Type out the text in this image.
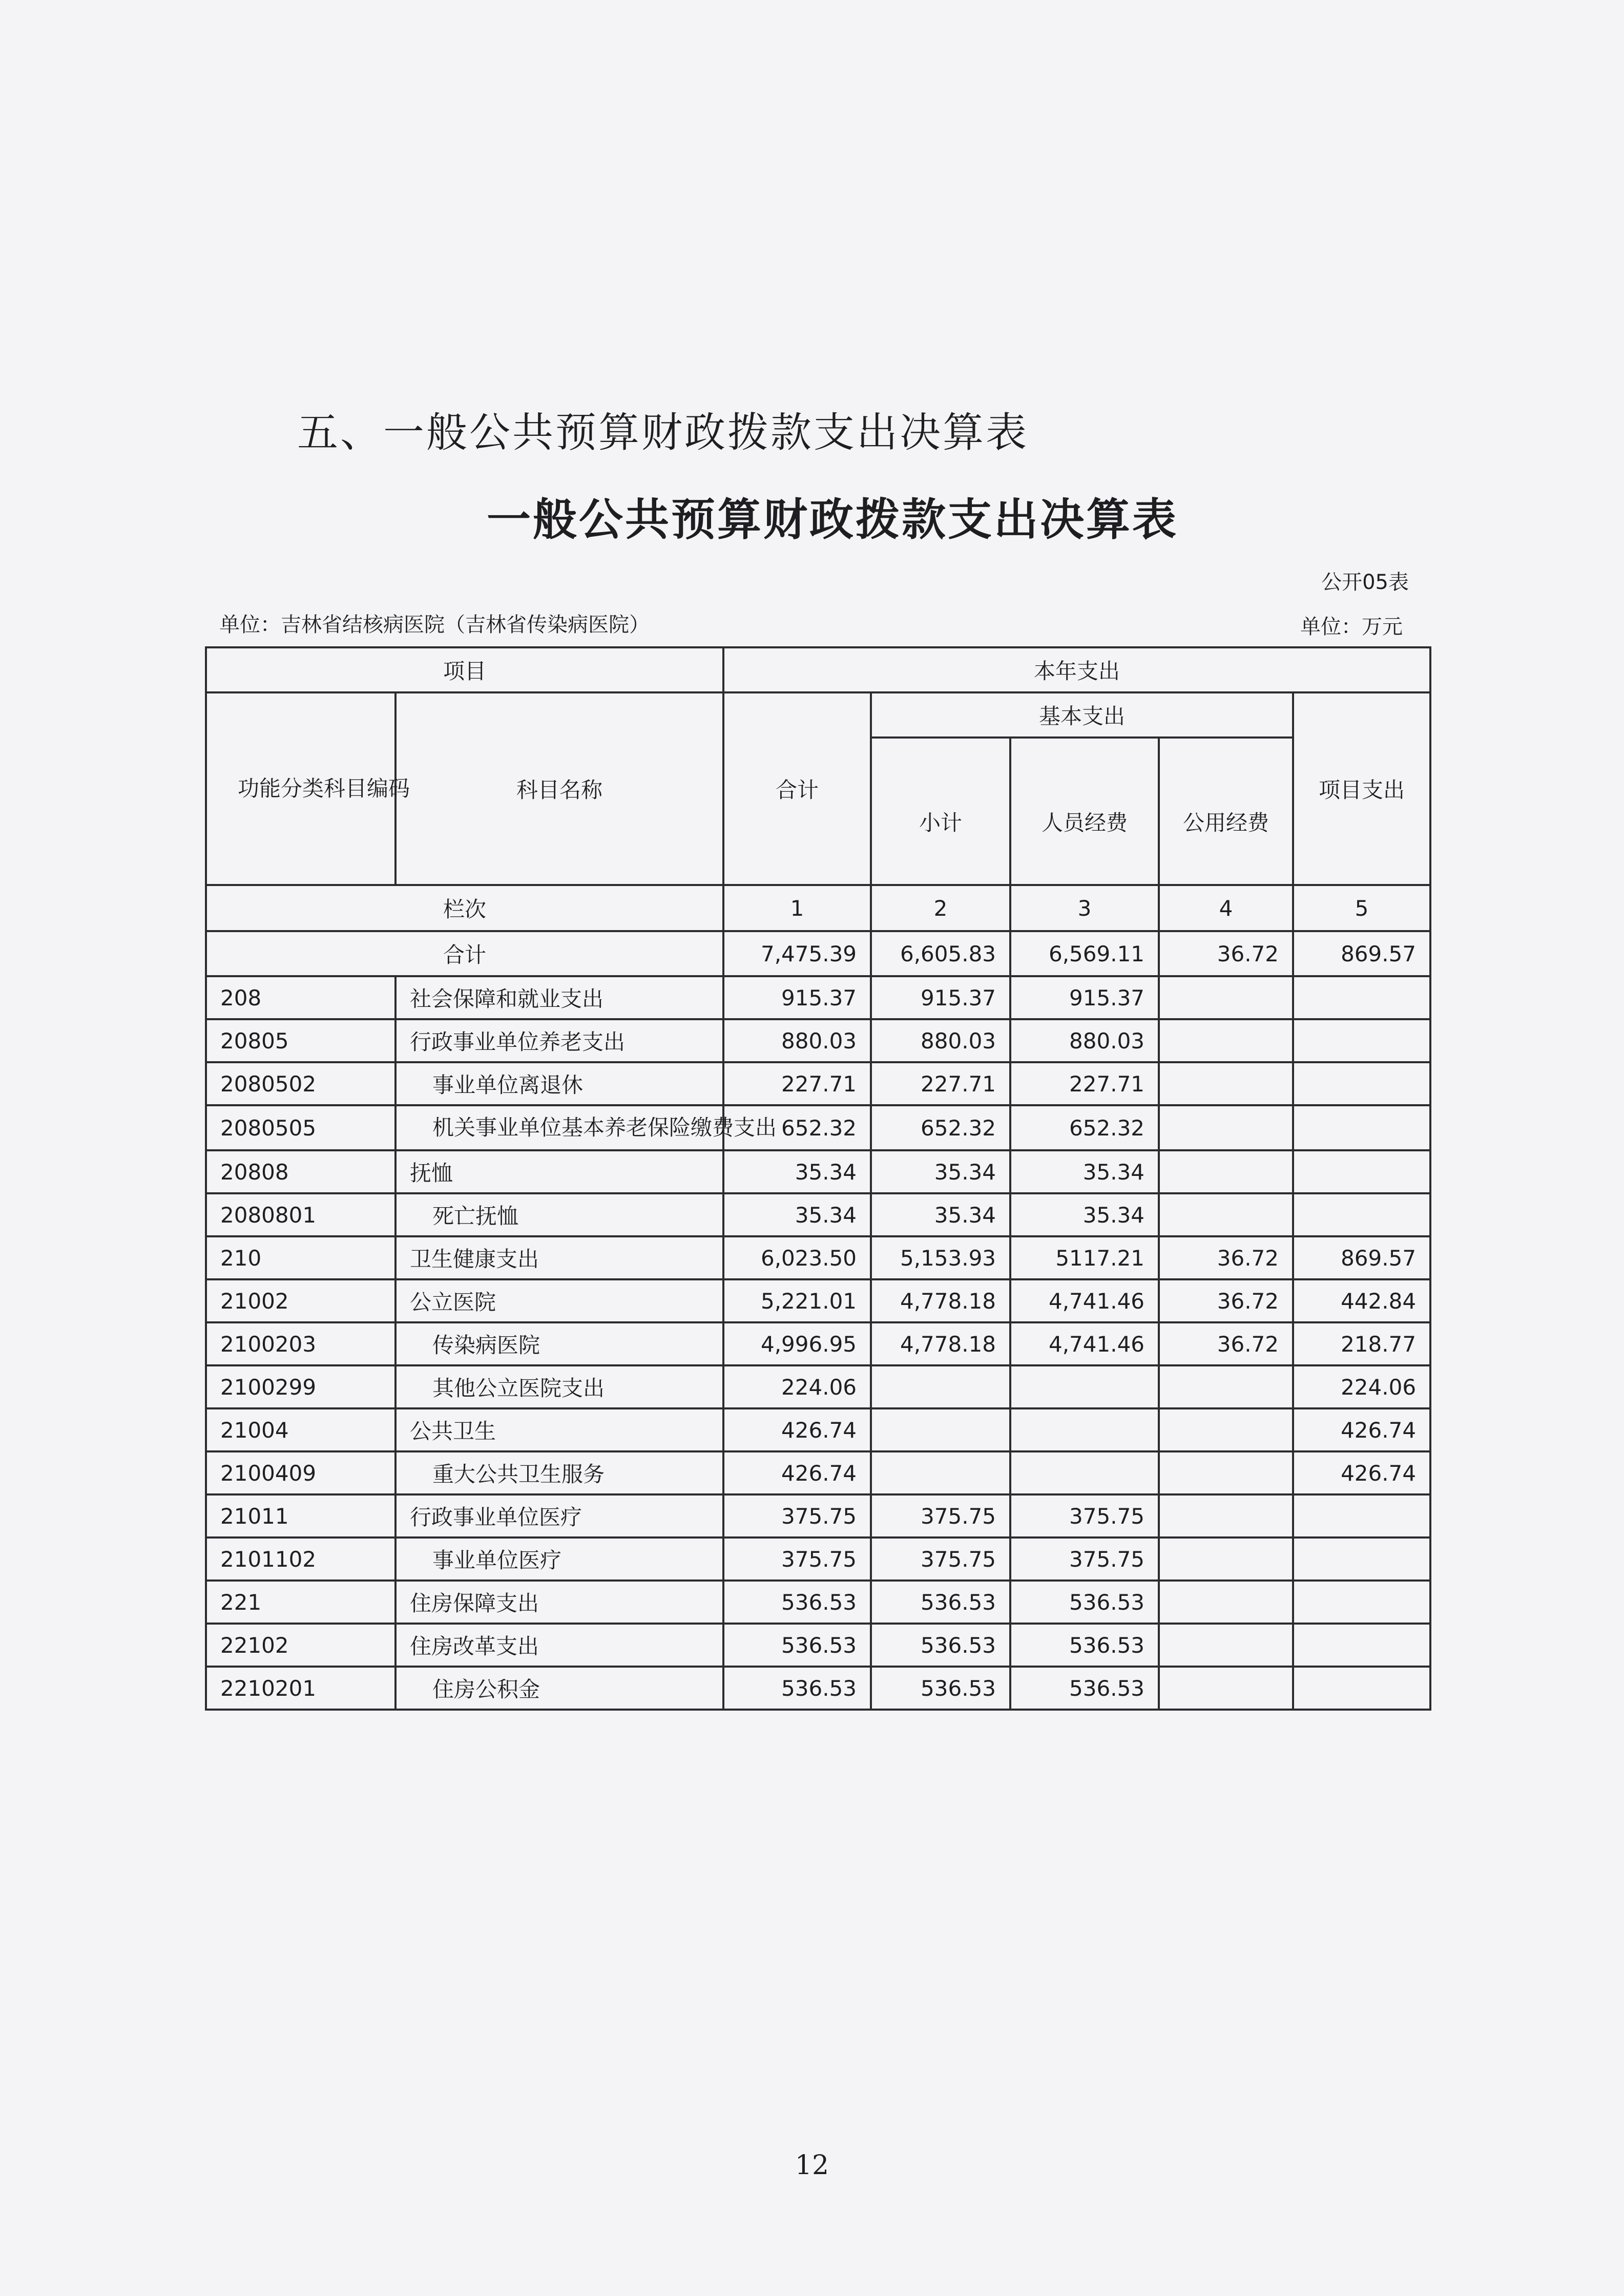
五、一般公共预算财政拨款支出决算表
一般公共预算财政拨款支出决算表
公开05表
单位：吉林省结核病医院（吉林省传染病医院）	单位：万元
项目		本年支出				
功能分类科目编码	科目名称	合计	基本支出			项目支出
			小计	人员经费	公用经费	
栏次		1	2	3	4	5
合计		7,475.39	6,605.83	6,569.11	36.72	869.57
208	社会保障和就业支出	915.37	915.37	915.37		
20805	行政事业单位养老支出	880.03	880.03	880.03		
2080502	事业单位离退休	227.71	227.71	227.71		
2080505	机关事业单位基本养老保险缴费支出	652.32	652.32	652.32		
20808	抚恤	35.34	35.34	35.34		
2080801	死亡抚恤	35.34	35.34	35.34		
210	卫生健康支出	6,023.50	5,153.93	5117.21	36.72	869.57
21002	公立医院	5,221.01	4,778.18	4,741.46	36.72	442.84
2100203	传染病医院	4,996.95	4,778.18	4,741.46	36.72	218.77
2100299	其他公立医院支出	224.06				224.06
21004	公共卫生	426.74				426.74
2100409	重大公共卫生服务	426.74				426.74
21011	行政事业单位医疗	375.75	375.75	375.75		
2101102	事业单位医疗	375.75	375.75	375.75		
221	住房保障支出	536.53	536.53	536.53		
22102	住房改革支出	536.53	536.53	536.53		
2210201	住房公积金	536.53	536.53	536.53		
12
